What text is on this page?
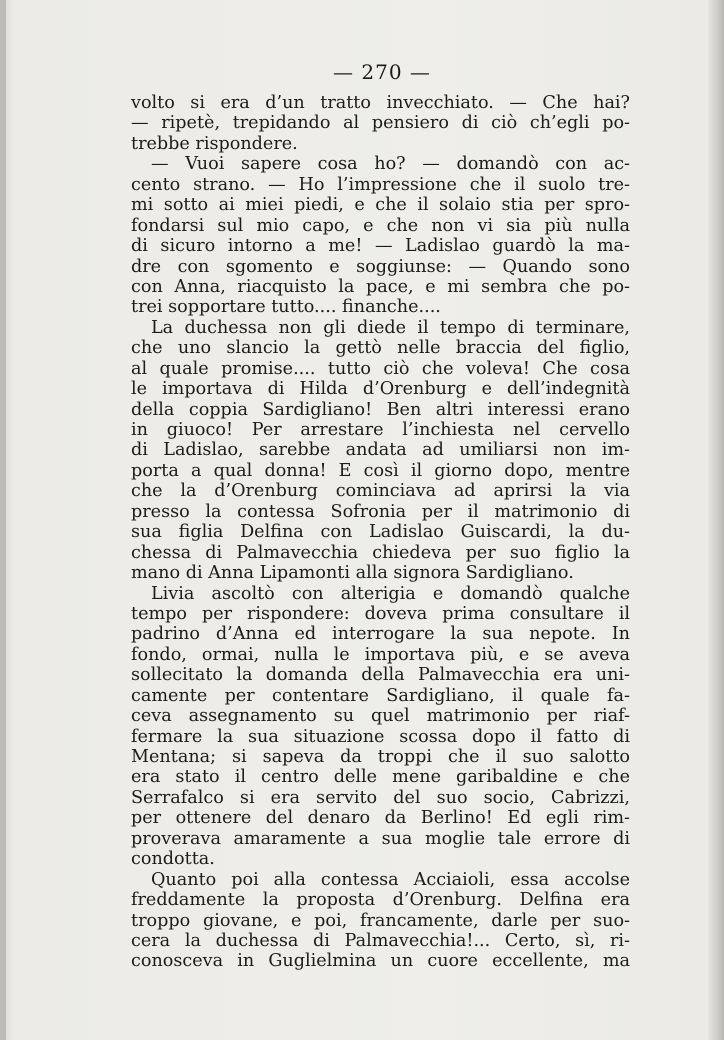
— 270 —
volto si era d’un tratto invecchiato. — Che hai?
— ripetè, trepidando al pensiero di ciò ch’egli po-
trebbe rispondere.
— Vuoi sapere cosa ho? — domandò con ac-
cento strano. — Ho l’impressione che il suolo tre-
mi sotto ai miei piedi, e che il solaio stia per spro-
fondarsi sul mio capo, e che non vi sia più nulla
di sicuro intorno a me! — Ladislao guardò la ma-
dre con sgomento e soggiunse: — Quando sono
con Anna, riacquisto la pace, e mi sembra che po-
trei sopportare tutto.... finanche....
La duchessa non gli diede il tempo di terminare,
che uno slancio la gettò nelle braccia del figlio,
al quale promise.... tutto ciò che voleva! Che cosa
le importava di Hilda d’Orenburg e dell’indegnità
della coppia Sardigliano! Ben altri interessi erano
in giuoco! Per arrestare l’inchiesta nel cervello
di Ladislao, sarebbe andata ad umiliarsi non im-
porta a qual donna! E così il giorno dopo, mentre
che la d’Orenburg cominciava ad aprirsi la via
presso la contessa Sofronia per il matrimonio di
sua figlia Delfina con Ladislao Guiscardi, la du-
chessa di Palmavecchia chiedeva per suo figlio la
mano di Anna Lipamonti alla signora Sardigliano.
Livia ascoltò con alterigia e domandò qualche
tempo per rispondere: doveva prima consultare il
padrino d’Anna ed interrogare la sua nepote. In
fondo, ormai, nulla le importava più, e se aveva
sollecitato la domanda della Palmavecchia era uni-
camente per contentare Sardigliano, il quale fa-
ceva assegnamento su quel matrimonio per riaf-
fermare la sua situazione scossa dopo il fatto di
Mentana; si sapeva da troppi che il suo salotto
era stato il centro delle mene garibaldine e che
Serrafalco si era servito del suo socio, Cabrizzi,
per ottenere del denaro da Berlino! Ed egli rim-
proverava amaramente a sua moglie tale errore di
condotta.
Quanto poi alla contessa Acciaioli, essa accolse
freddamente la proposta d’Orenburg. Delfina era
troppo giovane, e poi, francamente, darle per suo-
cera la duchessa di Palmavecchia!... Certo, sì, ri-
conosceva in Guglielmina un cuore eccellente, ma
